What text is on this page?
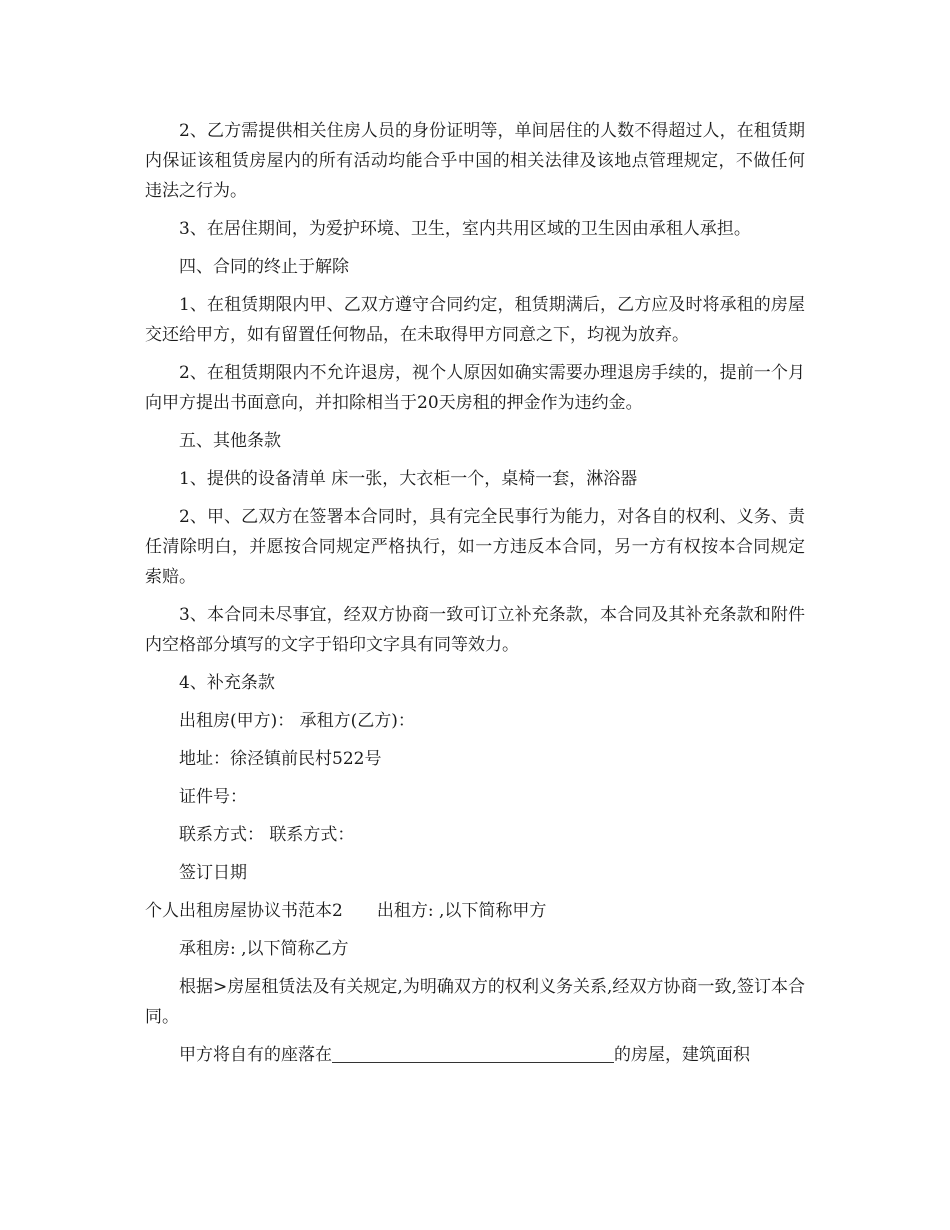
2、乙方需提供相关住房人员的身份证明等，单间居住的人数不得超过人，在租赁期内保证该租赁房屋内的所有活动均能合乎中国的相关法律及该地点管理规定，不做任何违法之行为。

3、在居住期间，为爱护环境、卫生，室内共用区域的卫生因由承租人承担。

四、合同的终止于解除

1、在租赁期限内甲、乙双方遵守合同约定，租赁期满后，乙方应及时将承租的房屋交还给甲方，如有留置任何物品，在未取得甲方同意之下，均视为放弃。

2、在租赁期限内不允许退房，视个人原因如确实需要办理退房手续的，提前一个月向甲方提出书面意向，并扣除相当于20天房租的押金作为违约金。

五、其他条款

1、提供的设备清单 床一张，大衣柜一个，桌椅一套，淋浴器

2、甲、乙双方在签署本合同时，具有完全民事行为能力，对各自的权利、义务、责任清除明白，并愿按合同规定严格执行，如一方违反本合同，另一方有权按本合同规定索赔。

3、本合同未尽事宜，经双方协商一致可订立补充条款，本合同及其补充条款和附件内空格部分填写的文字于铅印文字具有同等效力。

4、补充条款

出租房(甲方)： 承租方(乙方)：

地址：徐泾镇前民村522号

证件号：

联系方式： 联系方式：

签订日期

个人出租房屋协议书范本2　　出租方: ,以下简称甲方

承租房: ,以下简称乙方

根据>房屋租赁法及有关规定,为明确双方的权利义务关系,经双方协商一致,签订本合同。

甲方将自有的座落在	的房屋，建筑面积
